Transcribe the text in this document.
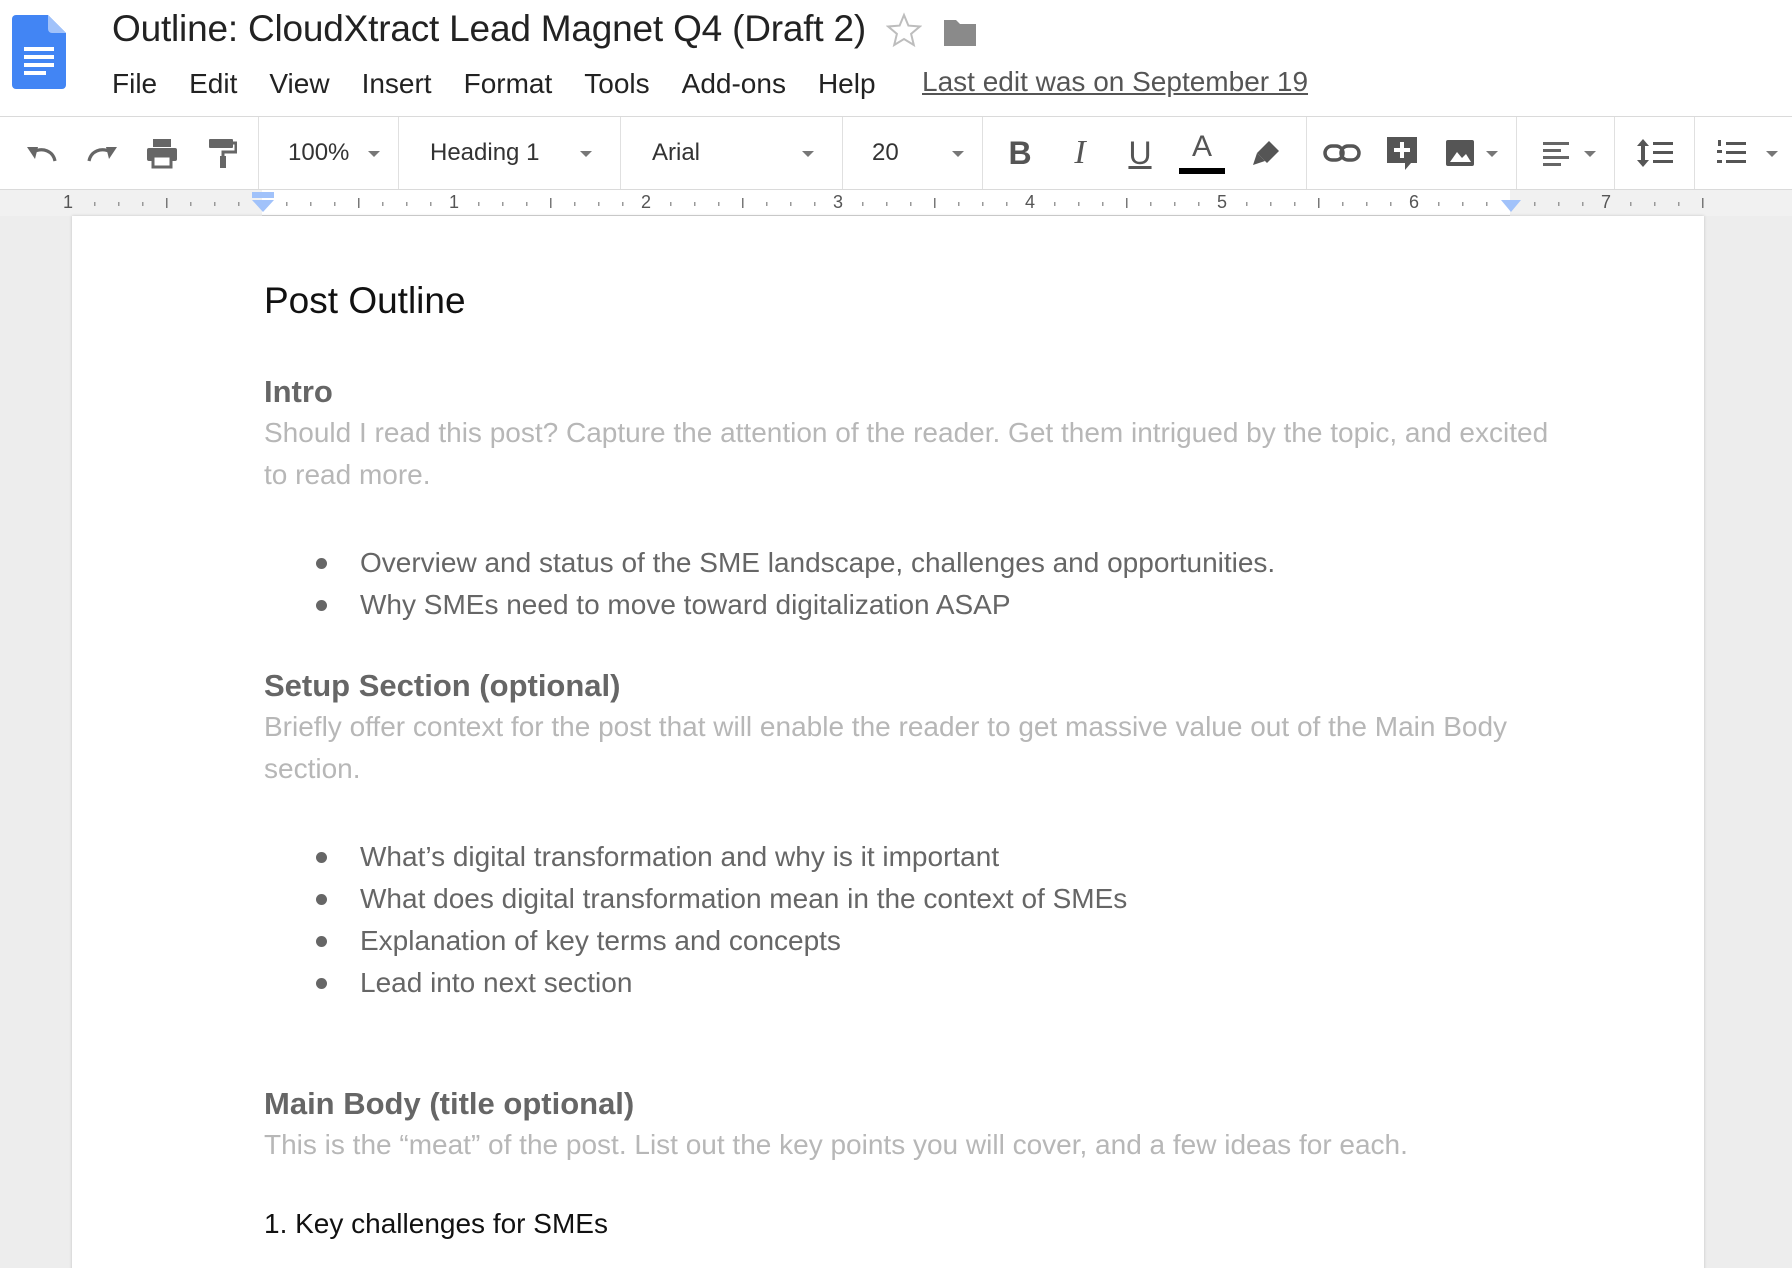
Outline: CloudXtract Lead Magnet Q4 (Draft 2)
File Edit View Insert Format Tools Add-ons Help Last edit was on September 19
100%	Heading 1	Arial	20	B I U A
1	1	2	3	4	5	6	7
Post Outline
Intro
Should I read this post? Capture the attention of the reader. Get them intrigued by the topic, and excited to read more.
Overview and status of the SME landscape, challenges and opportunities.
Why SMEs need to move toward digitalization ASAP
Setup Section (optional)
Briefly offer context for the post that will enable the reader to get massive value out of the Main Body section.
What’s digital transformation and why is it important
What does digital transformation mean in the context of SMEs
Explanation of key terms and concepts
Lead into next section
Main Body (title optional)
This is the “meat” of the post. List out the key points you will cover, and a few ideas for each.
1. Key challenges for SMEs
